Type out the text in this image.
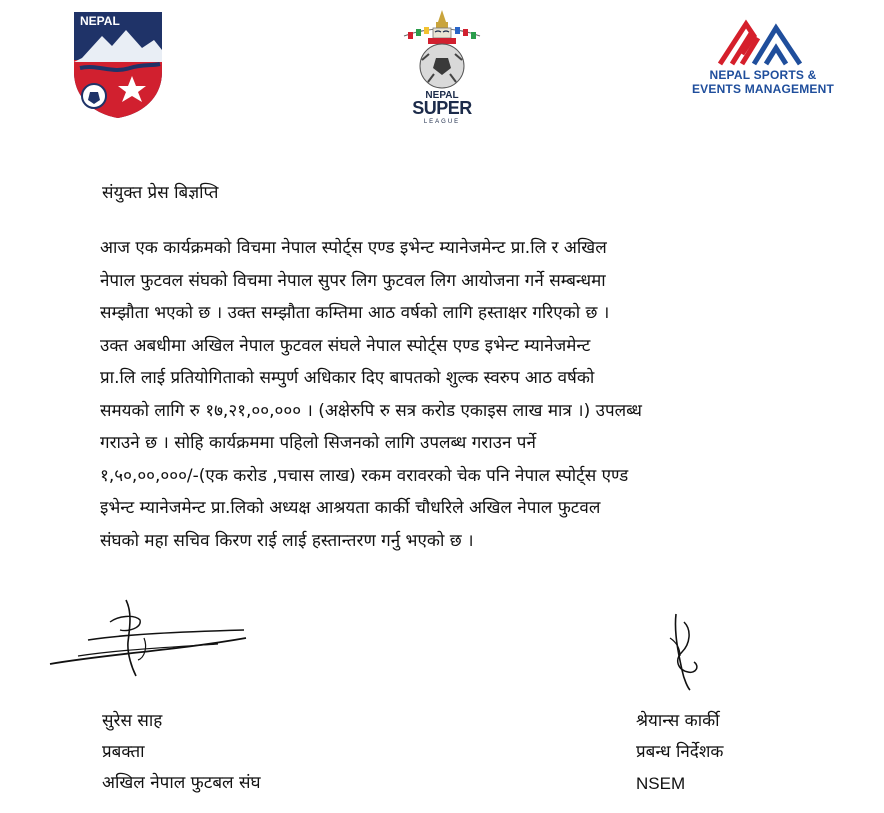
NEPAL
NEPAL
SUPER
LEAGUE
NEPAL SPORTS &
EVENTS MANAGEMENT
संयुक्त प्रेस बिज्ञप्ति
आज एक कार्यक्रमको विचमा नेपाल स्पोर्ट्स एण्ड इभेन्ट म्यानेजमेन्ट प्रा.लि र अखिल
नेपाल फुटवल संघको विचमा नेपाल सुपर लिग फुटवल लिग आयोजना गर्ने सम्बन्धमा
सम्झौता भएको छ । उक्त सम्झौता कम्तिमा आठ वर्षको लागि हस्ताक्षर गरिएको छ ।
उक्त अबधीमा अखिल नेपाल फुटवल संघले नेपाल स्पोर्ट्स एण्ड इभेन्ट म्यानेजमेन्ट
प्रा.लि लाई प्रतियोगिताको सम्पुर्ण अधिकार दिए बापतको शुल्क स्वरुप आठ वर्षको
समयको लागि रु १७,२१,००,००० । (अक्षेरुपि रु सत्र करोड एकाइस लाख मात्र ।) उपलब्ध
गराउने छ । सोहि कार्यक्रममा पहिलो सिजनको लागि उपलब्ध गराउन पर्ने
१,५०,००,०००/-(एक करोड ,पचास लाख) रकम वरावरको चेक पनि नेपाल स्पोर्ट्स एण्ड
इभेन्ट म्यानेजमेन्ट प्रा.लिको अध्यक्ष आश्रयता कार्की चौधरिले अखिल नेपाल फुटवल
संघको महा सचिव किरण राई लाई हस्तान्तरण गर्नु भएको छ ।
सुरेस साह
प्रबक्ता
अखिल नेपाल फुटबल संघ
श्रेयान्स कार्की
प्रबन्ध निर्देशक
NSEM
